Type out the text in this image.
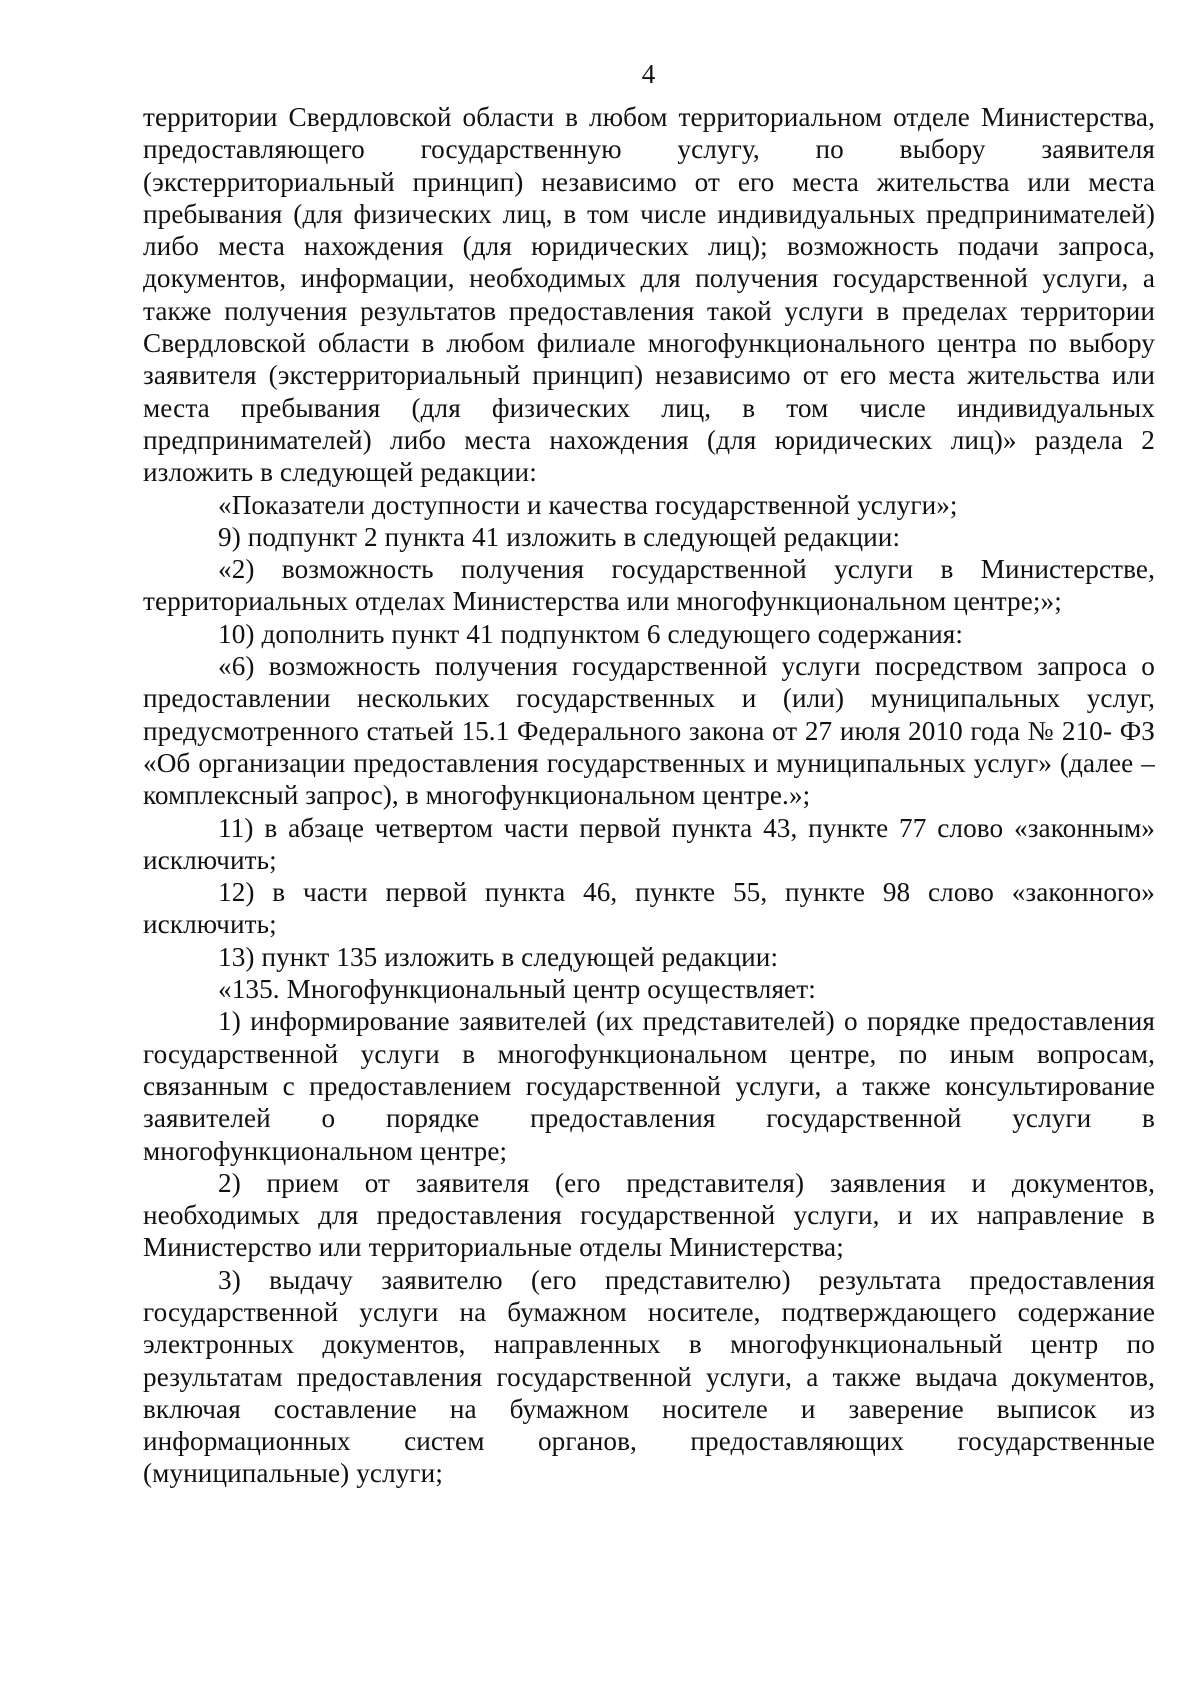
4

территории Свердловской области в любом территориальном отделе Министерства, предоставляющего государственную услугу, по выбору заявителя (экстерриториальный принцип) независимо от его места жительства или места пребывания (для физических лиц, в том числе индивидуальных предпринимателей) либо места нахождения (для юридических лиц); возможность подачи запроса, документов, информации, необходимых для получения государственной услуги, а также получения результатов предоставления такой услуги в пределах территории Свердловской области в любом филиале многофункционального центра по выбору заявителя (экстерриториальный принцип) независимо от его места жительства или места пребывания (для физических лиц, в том числе индивидуальных предпринимателей) либо места нахождения (для юридических лиц)» раздела 2 изложить в следующей редакции:

«Показатели доступности и качества государственной услуги»;

9) подпункт 2 пункта 41 изложить в следующей редакции:

«2) возможность получения государственной услуги в Министерстве, территориальных отделах Министерства или многофункциональном центре;»;

10) дополнить пункт 41 подпунктом 6 следующего содержания:

«6) возможность получения государственной услуги посредством запроса о предоставлении нескольких государственных и (или) муниципальных услуг, предусмотренного статьей 15.1 Федерального закона от 27 июля 2010 года № 210- ФЗ «Об организации предоставления государственных и муниципальных услуг» (далее – комплексный запрос), в многофункциональном центре.»;

11) в абзаце четвертом части первой пункта 43, пункте 77 слово «законным» исключить;

12) в части первой пункта 46, пункте 55, пункте 98 слово «законного» исключить;

13) пункт 135 изложить в следующей редакции:

«135. Многофункциональный центр осуществляет:

1) информирование заявителей (их представителей) о порядке предоставления государственной услуги в многофункциональном центре, по иным вопросам, связанным с предоставлением государственной услуги, а также консультирование заявителей о порядке предоставления государственной услуги в многофункциональном центре;

2) прием от заявителя (его представителя) заявления и документов, необходимых для предоставления государственной услуги, и их направление в Министерство или территориальные отделы Министерства;

3) выдачу заявителю (его представителю) результата предоставления государственной услуги на бумажном носителе, подтверждающего содержание электронных документов, направленных в многофункциональный центр по результатам предоставления государственной услуги, а также выдача документов, включая составление на бумажном носителе и заверение выписок из информационных систем органов, предоставляющих государственные (муниципальные) услуги;
